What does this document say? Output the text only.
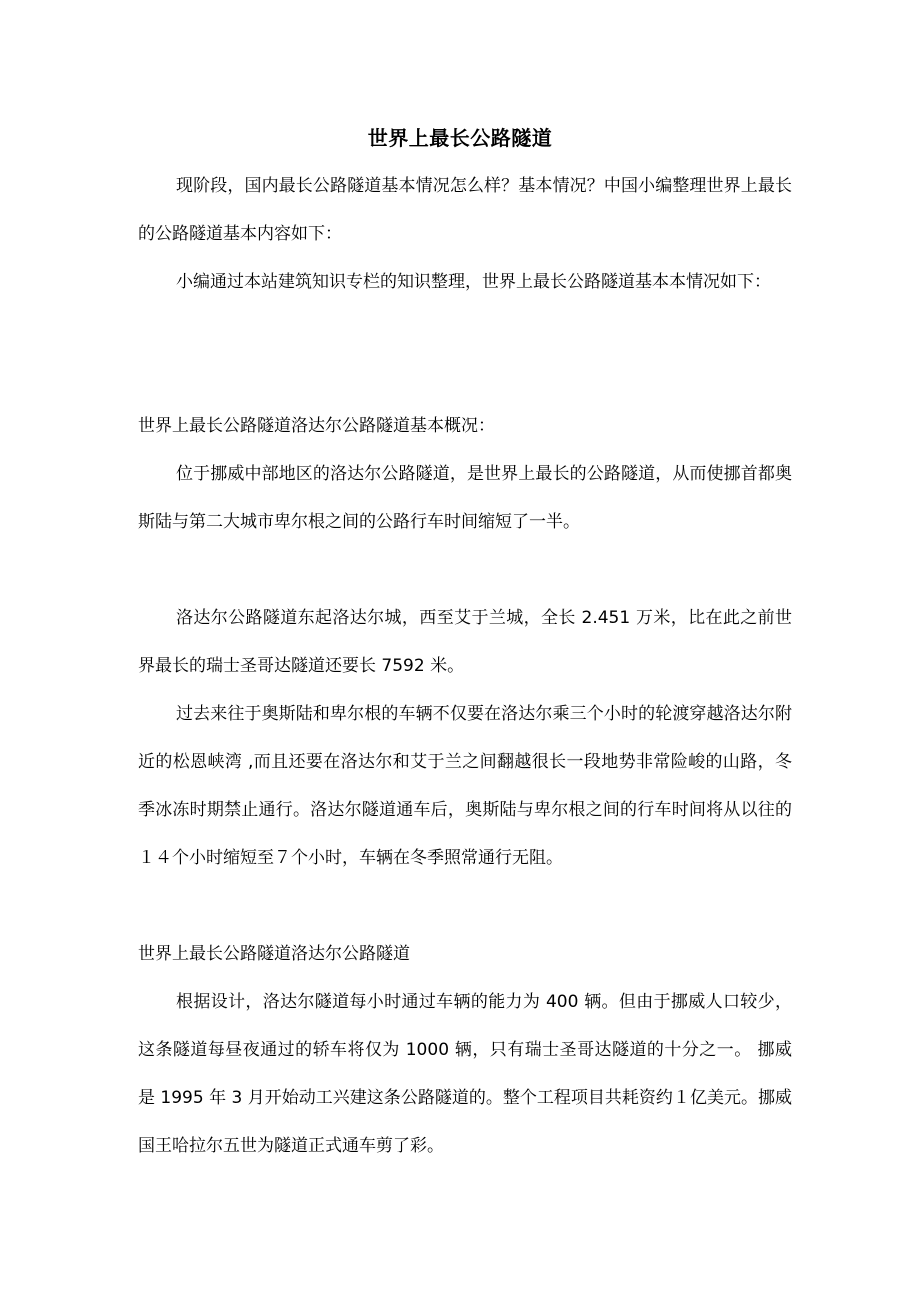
世界上最长公路隧道

现阶段，国内最长公路隧道基本情况怎么样？基本情况？中国小编整理世界上最长的公路隧道基本内容如下：

小编通过本站建筑知识专栏的知识整理，世界上最长公路隧道基本本情况如下：

世界上最长公路隧道洛达尔公路隧道基本概况：

位于挪威中部地区的洛达尔公路隧道，是世界上最长的公路隧道，从而使挪首都奥斯陆与第二大城市卑尔根之间的公路行车时间缩短了一半。

洛达尔公路隧道东起洛达尔城，西至艾于兰城，全长 2.451 万米，比在此之前世界最长的瑞士圣哥达隧道还要长 7592 米。

过去来往于奥斯陆和卑尔根的车辆不仅要在洛达尔乘三个小时的轮渡穿越洛达尔附近的松恩峡湾 ,而且还要在洛达尔和艾于兰之间翻越很长一段地势非常险峻的山路，冬季冰冻时期禁止通行。洛达尔隧道通车后，奥斯陆与卑尔根之间的行车时间将从以往的１４个小时缩短至７个小时，车辆在冬季照常通行无阻。

世界上最长公路隧道洛达尔公路隧道

根据设计，洛达尔隧道每小时通过车辆的能力为 400 辆。但由于挪威人口较少，这条隧道每昼夜通过的轿车将仅为 1000 辆，只有瑞士圣哥达隧道的十分之一。 挪威是 1995 年 3 月开始动工兴建这条公路隧道的。整个工程项目共耗资约１亿美元。挪威国王哈拉尔五世为隧道正式通车剪了彩。
